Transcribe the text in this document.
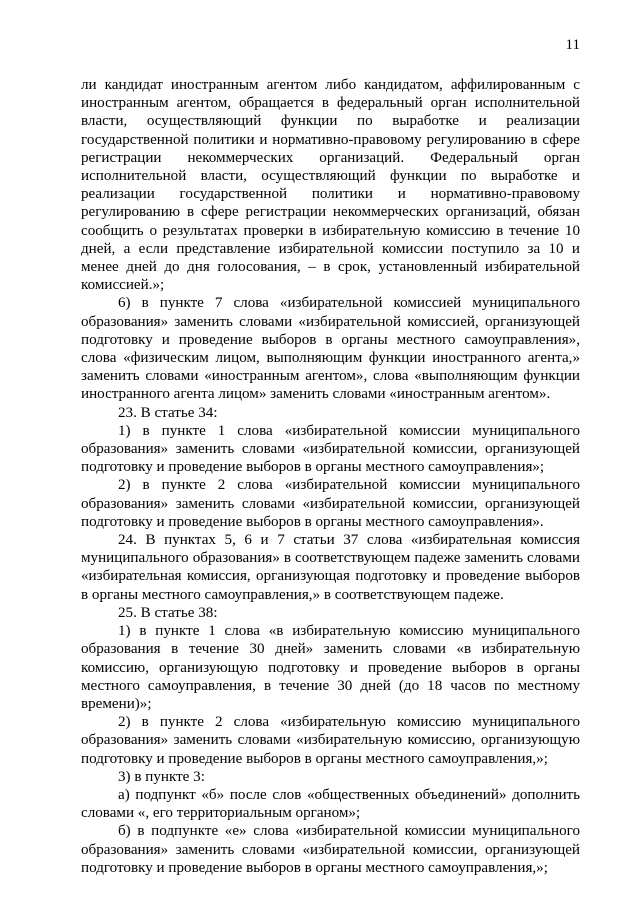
11

ли кандидат иностранным агентом либо кандидатом, аффилированным с иностранным агентом, обращается в федеральный орган исполнительной власти, осуществляющий функции по выработке и реализации государственной политики и нормативно-правовому регулированию в сфере регистрации некоммерческих организаций. Федеральный орган исполнительной власти, осуществляющий функции по выработке и реализации государственной политики и нормативно-правовому регулированию в сфере регистрации некоммерческих организаций, обязан сообщить о результатах проверки в избирательную комиссию в течение 10 дней, а если представление избирательной комиссии поступило за 10 и менее дней до дня голосования, – в срок, установленный избирательной комиссией.»;

6) в пункте 7 слова «избирательной комиссией муниципального образования» заменить словами «избирательной комиссией, организующей подготовку и проведение выборов в органы местного самоуправления», слова «физическим лицом, выполняющим функции иностранного агента,» заменить словами «иностранным агентом», слова «выполняющим функции иностранного агента лицом» заменить словами «иностранным агентом».

23. В статье 34:

1) в пункте 1 слова «избирательной комиссии муниципального образования» заменить словами «избирательной комиссии, организующей подготовку и проведение выборов в органы местного самоуправления»;

2) в пункте 2 слова «избирательной комиссии муниципального образования» заменить словами «избирательной комиссии, организующей подготовку и проведение выборов в органы местного самоуправления».

24. В пунктах 5, 6 и 7 статьи 37 слова «избирательная комиссия муниципального образования» в соответствующем падеже заменить словами «избирательная комиссия, организующая подготовку и проведение выборов в органы местного самоуправления,» в соответствующем падеже.

25. В статье 38:

1) в пункте 1 слова «в избирательную комиссию муниципального образования в течение 30 дней» заменить словами «в избирательную комиссию, организующую подготовку и проведение выборов в органы местного самоуправления, в течение 30 дней (до 18 часов по местному времени)»;

2) в пункте 2 слова «избирательную комиссию муниципального образования» заменить словами «избирательную комиссию, организующую подготовку и проведение выборов в органы местного самоуправления,»;

3) в пункте 3:

а) подпункт «б» после слов «общественных объединений» дополнить словами «, его территориальным органом»;

б) в подпункте «е» слова «избирательной комиссии муниципального образования» заменить словами «избирательной комиссии, организующей подготовку и проведение выборов в органы местного самоуправления,»;
